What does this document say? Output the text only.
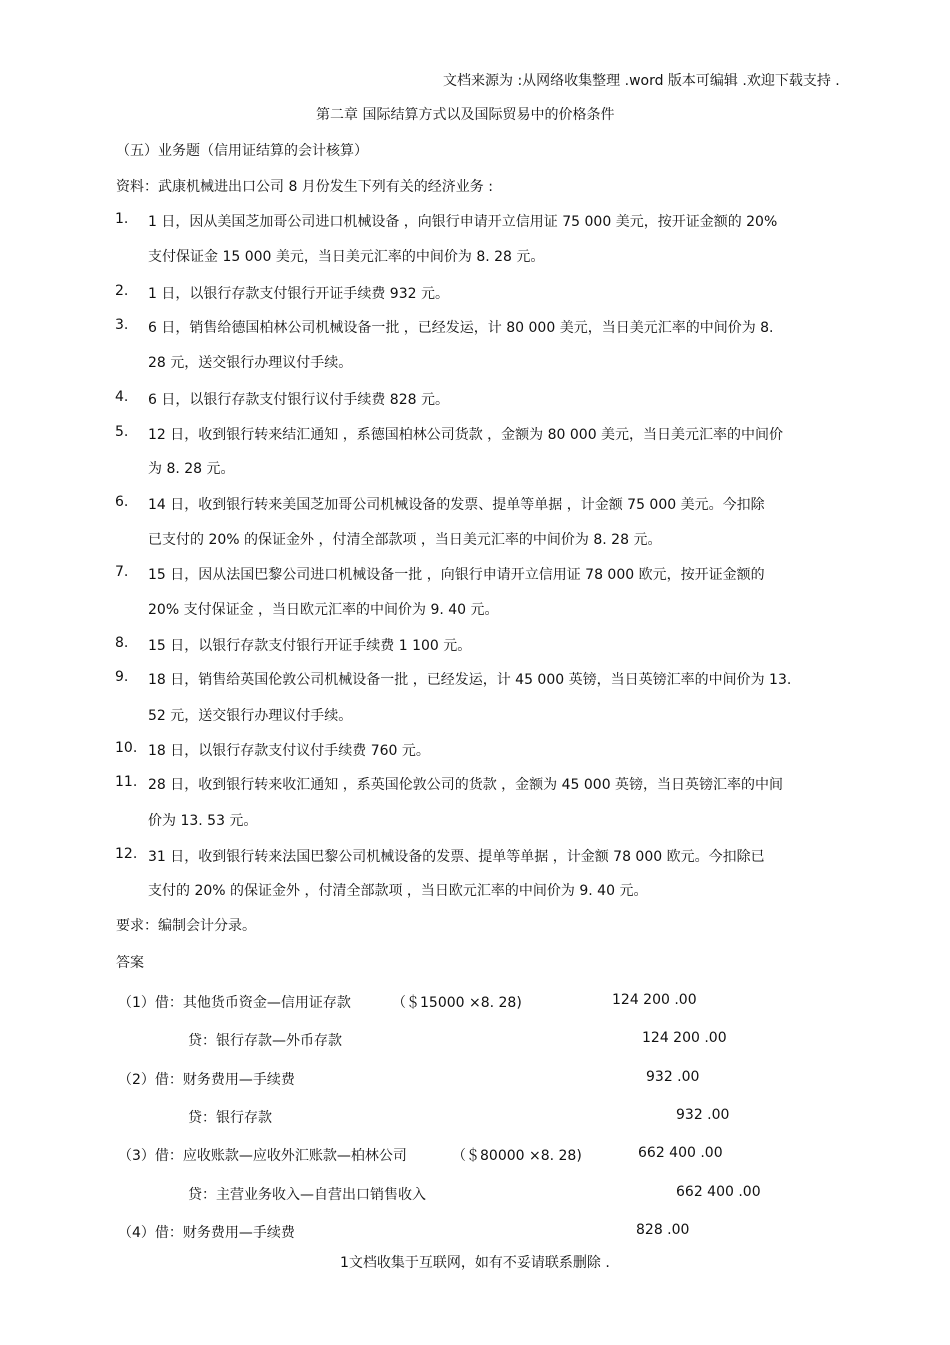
文档来源为 :从网络收集整理 .word 版本可编辑 .欢迎下载支持 .
第二章 国际结算方式以及国际贸易中的价格条件
（五）业务题（信用证结算的会计核算）
资料：武康机械进出口公司 8 月份发生下列有关的经济业务 :
1. 1 日，因从美国芝加哥公司进口机械设备 ，向银行申请开立信用证 75 000 美元，按开证金额的 20%
支付保证金 15 000 美元，当日美元汇率的中间价为 8. 28 元。
2. 1 日，以银行存款支付银行开证手续费 932 元。
3. 6 日，销售给德国柏林公司机械设备一批 ，已经发运，计 80 000 美元，当日美元汇率的中间价为 8.
28 元，送交银行办理议付手续。
4. 6 日，以银行存款支付银行议付手续费 828 元。
5. 12 日，收到银行转来结汇通知 ，系德国柏林公司货款 ，金额为 80 000 美元，当日美元汇率的中间价
为 8. 28 元。
6. 14 日，收到银行转来美国芝加哥公司机械设备的发票、提单等单据 ，计金额 75 000 美元。今扣除
已支付的 20% 的保证金外 ，付清全部款项 ，当日美元汇率的中间价为 8. 28 元。
7. 15 日，因从法国巴黎公司进口机械设备一批 ，向银行申请开立信用证 78 000 欧元，按开证金额的
20% 支付保证金 ，当日欧元汇率的中间价为 9. 40 元。
8. 15 日，以银行存款支付银行开证手续费 1 100 元。
9. 18 日，销售给英国伦敦公司机械设备一批 ，已经发运，计 45 000 英镑，当日英镑汇率的中间价为 13.
52 元，送交银行办理议付手续。
10. 18 日，以银行存款支付议付手续费 760 元。
11. 28 日，收到银行转来收汇通知 ，系英国伦敦公司的货款 ，金额为 45 000 英镑，当日英镑汇率的中间
价为 13. 53 元。
12. 31 日，收到银行转来法国巴黎公司机械设备的发票、提单等单据 ，计金额 78 000 欧元。今扣除已
支付的 20% 的保证金外 ，付清全部款项 ，当日欧元汇率的中间价为 9. 40 元。
要求：编制会计分录。
答案
（1）借：其他货币资金—信用证存款	（＄15000 ×8. 28)	124 200 .00
贷：银行存款—外币存款	124 200 .00
（2）借：财务费用—手续费	932 .00
贷：银行存款	932 .00
（3）借：应收账款—应收外汇账款—柏林公司	（＄80000 ×8. 28)	662 400 .00
贷：主营业务收入—自营出口销售收入	662 400 .00
（4）借：财务费用—手续费	828 .00
1文档收集于互联网，如有不妥请联系删除 .
